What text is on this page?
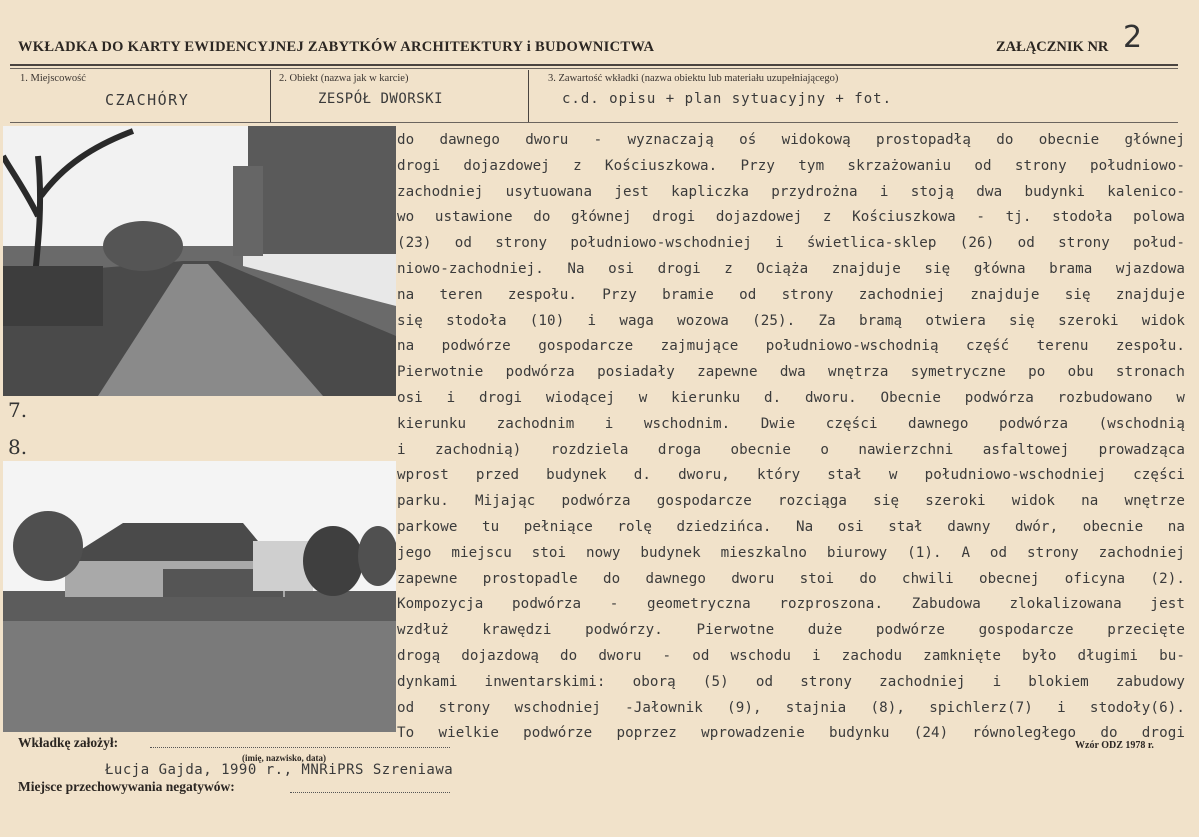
WKŁADKA DO KARTY EWIDENCYJNEJ ZABYTKÓW ARCHITEKTURY i BUDOWNICTWA	ZAŁĄCZNIK NR 2
1. Miejscowość
CZACHÓRY
2. Obiekt (nazwa jak w karcie)
ZESPÓŁ DWORSKI
3. Zawartość wkładki (nazwa obiektu lub materiału uzupełniającego)
c.d. opisu + plan sytuacyjny + fot.
7.
8.
do dawnego dworu - wyznaczają oś widokową prostopadłą do obecnie głównej
drogi dojazdowej z Kościuszkowa. Przy tym skrzażowaniu od strony południowo-
zachodniej usytuowana jest kapliczka przydrożna i stoją dwa budynki kalenico-
wo ustawione do głównej drogi dojazdowej z Kościuszkowa - tj. stodoła polowa
(23) od strony południowo-wschodniej i świetlica-sklep (26) od strony połud-
niowo-zachodniej. Na osi drogi z Ociąża znajduje się główna brama wjazdowa
na teren zespołu. Przy bramie od strony zachodniej znajduje się znajduje
się stodoła (10) i waga wozowa (25). Za bramą otwiera się szeroki widok
na podwórze gospodarcze zajmujące południowo-wschodnią część terenu zespołu.
Pierwotnie podwórza posiadały zapewne dwa wnętrza symetryczne po obu stronach
osi i drogi wiodącej w kierunku d. dworu. Obecnie podwórza rozbudowano w
kierunku zachodnim i wschodnim. Dwie części dawnego podwórza (wschodnią
i zachodnią) rozdziela droga obecnie o nawierzchni asfaltowej prowadząca
wprost przed budynek d. dworu, który stał w południowo-wschodniej części
parku. Mijając podwórza gospodarcze rozciąga się szeroki widok na wnętrze
parkowe tu pełniące rolę dziedzińca. Na osi stał dawny dwór, obecnie na
jego miejscu stoi nowy budynek mieszkalno biurowy (1). A od strony zachodniej
zapewne prostopadle do dawnego dworu stoi do chwili obecnej oficyna (2).
Kompozycja podwórza - geometryczna rozproszona. Zabudowa zlokalizowana jest
wzdłuż krawędzi podwórzy. Pierwotne duże podwórze gospodarcze przecięte
drogą dojazdową do dworu - od wschodu i zachodu zamknięte było długimi bu-
dynkami inwentarskimi: oborą (5) od strony zachodniej i blokiem zabudowy
od strony wschodniej -Jałownik (9), stajnia (8), spichlerz(7) i stodoły(6).
To wielkie podwórze poprzez wprowadzenie budynku (24) równoległego do drogi
Wkładkę założył:
(imię, nazwisko, data)
Łucja Gajda, 1990 r., MNRiPRS Szreniawa
Wzór ODZ 1978 r.
Miejsce przechowywania negatywów:
